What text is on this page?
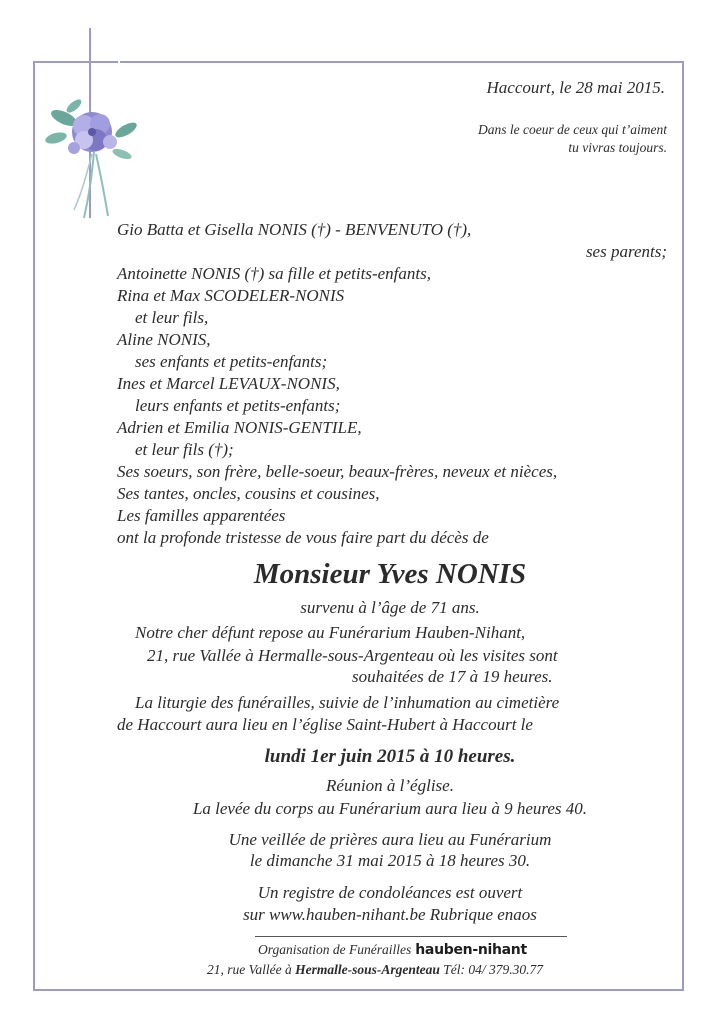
Haccourt, le 28 mai 2015.
Dans le coeur de ceux qui t’aiment
tu vivras toujours.
Gio Batta et Gisella NONIS (†) - BENVENUTO (†),
ses parents;
Antoinette NONIS (†) sa fille et petits-enfants,
Rina et Max SCODELER-NONIS
et leur fils,
Aline NONIS,
ses enfants et petits-enfants;
Ines et Marcel LEVAUX-NONIS,
leurs enfants et petits-enfants;
Adrien et Emilia NONIS-GENTILE,
et leur fils (†);
Ses soeurs, son frère, belle-soeur, beaux-frères, neveux et nièces,
Ses tantes, oncles, cousins et cousines,
Les familles apparentées
ont la profonde tristesse de vous faire part du décès de
Monsieur Yves NONIS
survenu à l’âge de 71 ans.
Notre cher défunt repose au Funérarium Hauben-Nihant,
21, rue Vallée à Hermalle-sous-Argenteau où les visites sont
souhaitées de 17 à 19 heures.
La liturgie des funérailles, suivie de l’inhumation au cimetière
de Haccourt aura lieu en l’église Saint-Hubert à Haccourt le
lundi 1er juin 2015 à 10 heures.
Réunion à l’église.
La levée du corps au Funérarium aura lieu à 9 heures 40.
Une veillée de prières aura lieu au Funérarium
le dimanche 31 mai 2015 à 18 heures 30.
Un registre de condoléances est ouvert
sur www.hauben-nihant.be Rubrique enaos
Organisation de Funérailles hauben-nihant
21, rue Vallée à Hermalle-sous-Argenteau Tél: 04/ 379.30.77
